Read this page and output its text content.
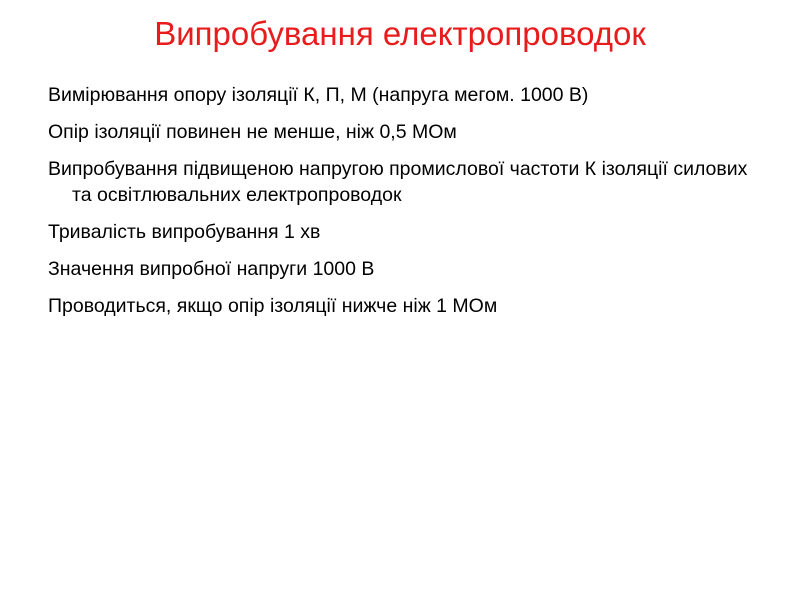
Випробування електропроводок
Вимірювання опору ізоляції К, П, М (напруга мегом. 1000 В)
Опір ізоляції повинен не менше, ніж 0,5 МОм
Випробування підвищеною напругою промислової частоти К ізоляції силових та освітлювальних електропроводок
Тривалість випробування 1 хв
Значення випробної напруги 1000 В
Проводиться, якщо опір ізоляції нижче ніж 1 МОм
